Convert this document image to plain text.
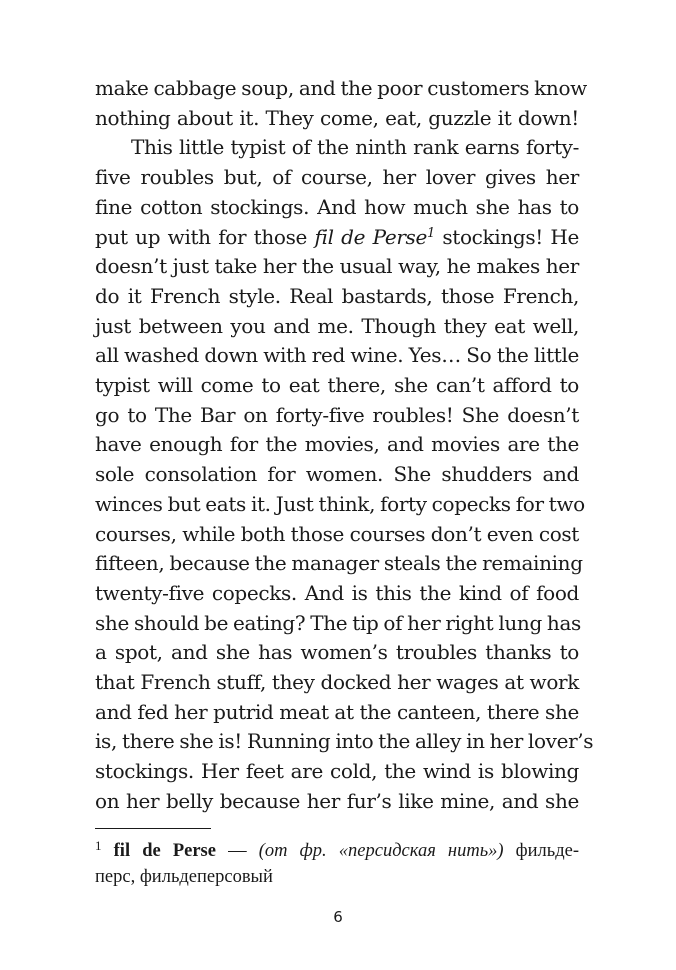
make cabbage soup, and the poor customers know
nothing about it. They come, eat, guzzle it down!
This little typist of the ninth rank earns forty-
five roubles but, of course, her lover gives her
fine cotton stockings. And how much she has to
put up with for those fil de Perse$^1$ stockings! He
doesn’t just take her the usual way, he makes her
do it French style. Real bastards, those French,
just between you and me. Though they eat well,
all washed down with red wine. Yes… So the little
typist will come to eat there, she can’t afford to
go to The Bar on forty-five roubles! She doesn’t
have enough for the movies, and movies are the
sole consolation for women. She shudders and
winces but eats it. Just think, forty copecks for two
courses, while both those courses don’t even cost
fifteen, because the manager steals the remaining
twenty-five copecks. And is this the kind of food
she should be eating? The tip of her right lung has
a spot, and she has women’s troubles thanks to
that French stuff, they docked her wages at work
and fed her putrid meat at the canteen, there she
is, there she is! Running into the alley in her lover’s
stockings. Her feet are cold, the wind is blowing
on her belly because her fur’s like mine, and she
$^1$ fil de Perse — (от фр. «персидская нить») фильде-
перс, фильдеперсовый
6
